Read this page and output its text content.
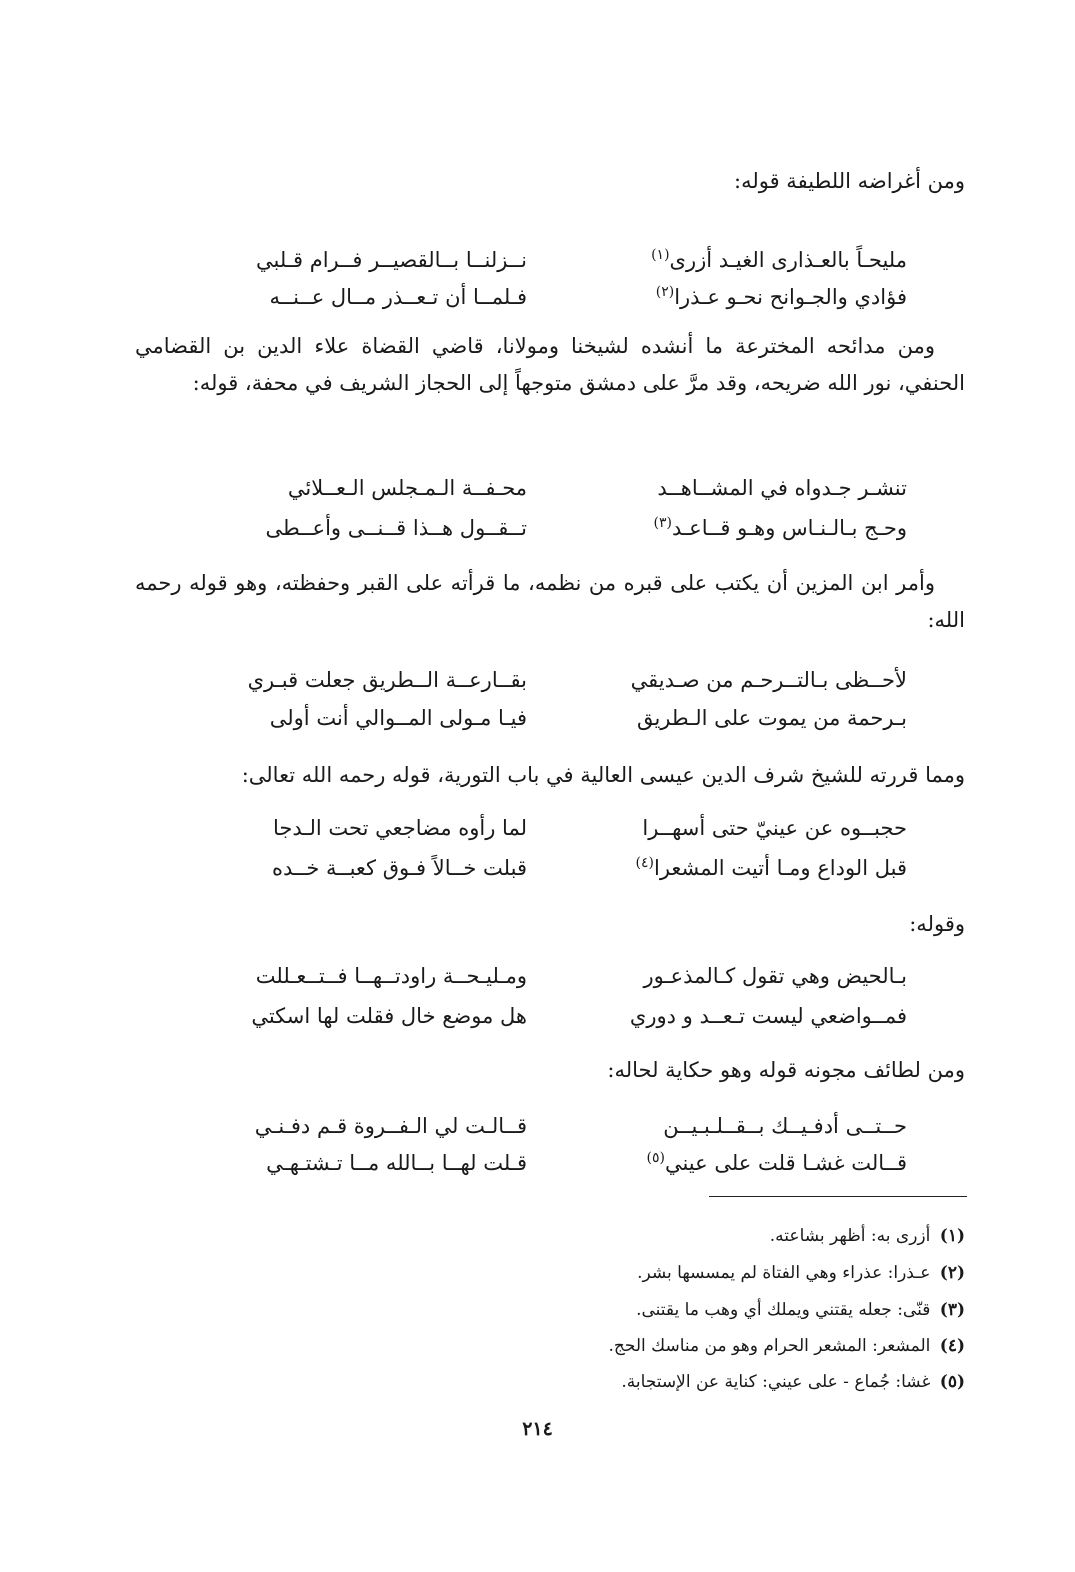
ومن أغراضه اللطيفة قوله:

نــزلنــا بــالقصيــر فــرام قـلبي	مليحـاً بالعـذارى الغيـد أزرى$^{(١)}$
فـلمــا أن تـعــذر مــال عــنــه	فؤادي والجـوانح نحـو عـذرا$^{(٢)}$

ومن مدائحه المخترعة ما أنشده لشيخنا ومولانا، قاضي القضاة علاء الدين بن القضامي الحنفي، نور الله ضريحه، وقد مرَّ على دمشق متوجهاً إلى الحجاز الشريف في محفة، قوله:

محـفــة الـمـجلس الـعــلائي	تنشـر جـدواه في المشــاهــد
تــقــول هــذا قــنــى وأعــطى	وحـج بـالـنـاس وهـو قــاعـد$^{(٣)}$

وأمر ابن المزين أن يكتب على قبره من نظمه، ما قرأته على القبر وحفظته، وهو قوله رحمه الله:

بقــارعــة الــطريق جعلت قبـري	لأحــظى بـالتــرحـم من صـديقي
فيـا مـولى المــوالي أنت أولى	بـرحمة من يموت على الـطريق

ومما قررته للشيخ شرف الدين عيسى العالية في باب التورية، قوله رحمه الله تعالى:

لما رأوه مضاجعي تحت الـدجا	حجبــوه عن عينيّ حتى أسهــرا
قبلت خــالاً فـوق كعبــة خــده	قبل الوداع ومـا أتيت المشعرا$^{(٤)}$

وقوله:

ومـليـحــة راودتــهــا فــتــعـللت	بـالحيض وهي تقول كـالمذعـور
هل موضع خال فقلت لها اسكتي	فمــواضعي ليست تـعــد و دوري

ومن لطائف مجونه قوله وهو حكاية لحاله:

قــالـت لي الـفــروة قـم دفـنـي	حــتــى أدفـيــك بــقــلـبـيــن
قـلت لهــا بــالله مــا تـشتـهـي	قــالت غشـا قلت على عيني$^{(٥)}$
(١) أزرى به: أظهر بشاعته.
(٢) عـذرا: عذراء وهي الفتاة لم يمسسها بشر.
(٣) قنّى: جعله يقتني ويملك أي وهب ما يقتنى.
(٤) المشعر: المشعر الحرام وهو من مناسك الحج.
(٥) غشا: جُماع - على عيني: كناية عن الإستجابة.
٢١٤
